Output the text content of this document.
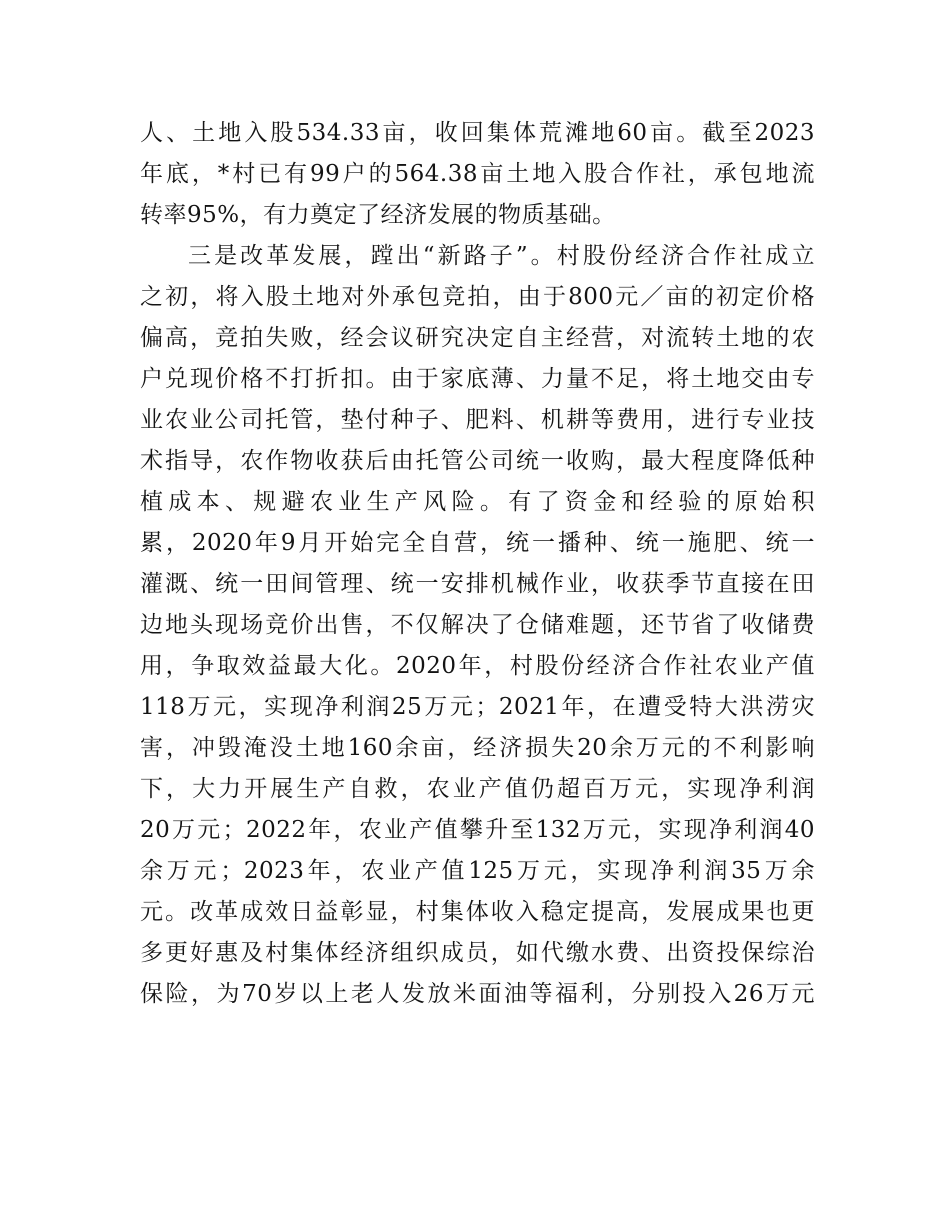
人、土地入股534.33亩，收回集体荒滩地60亩。截至2023
年底，*村已有99户的564.38亩土地入股合作社，承包地流
转率95%，有力奠定了经济发展的物质基础。
三是改革发展，蹚出“新路子”。村股份经济合作社成立
之初，将入股土地对外承包竞拍，由于800元／亩的初定价格
偏高，竞拍失败，经会议研究决定自主经营，对流转土地的农
户兑现价格不打折扣。由于家底薄、力量不足，将土地交由专
业农业公司托管，垫付种子、肥料、机耕等费用，进行专业技
术指导，农作物收获后由托管公司统一收购，最大程度降低种
植成本、规避农业生产风险。有了资金和经验的原始积
累，2020年9月开始完全自营，统一播种、统一施肥、统一
灌溉、统一田间管理、统一安排机械作业，收获季节直接在田
边地头现场竞价出售，不仅解决了仓储难题，还节省了收储费
用，争取效益最大化。2020年，村股份经济合作社农业产值
118万元，实现净利润25万元；2021年，在遭受特大洪涝灾
害，冲毁淹没土地160余亩，经济损失20余万元的不利影响
下，大力开展生产自救，农业产值仍超百万元，实现净利润
20万元；2022年，农业产值攀升至132万元，实现净利润40
余万元；2023年，农业产值125万元，实现净利润35万余
元。改革成效日益彰显，村集体收入稳定提高，发展成果也更
多更好惠及村集体经济组织成员，如代缴水费、出资投保综治
保险，为70岁以上老人发放米面油等福利，分别投入26万元
